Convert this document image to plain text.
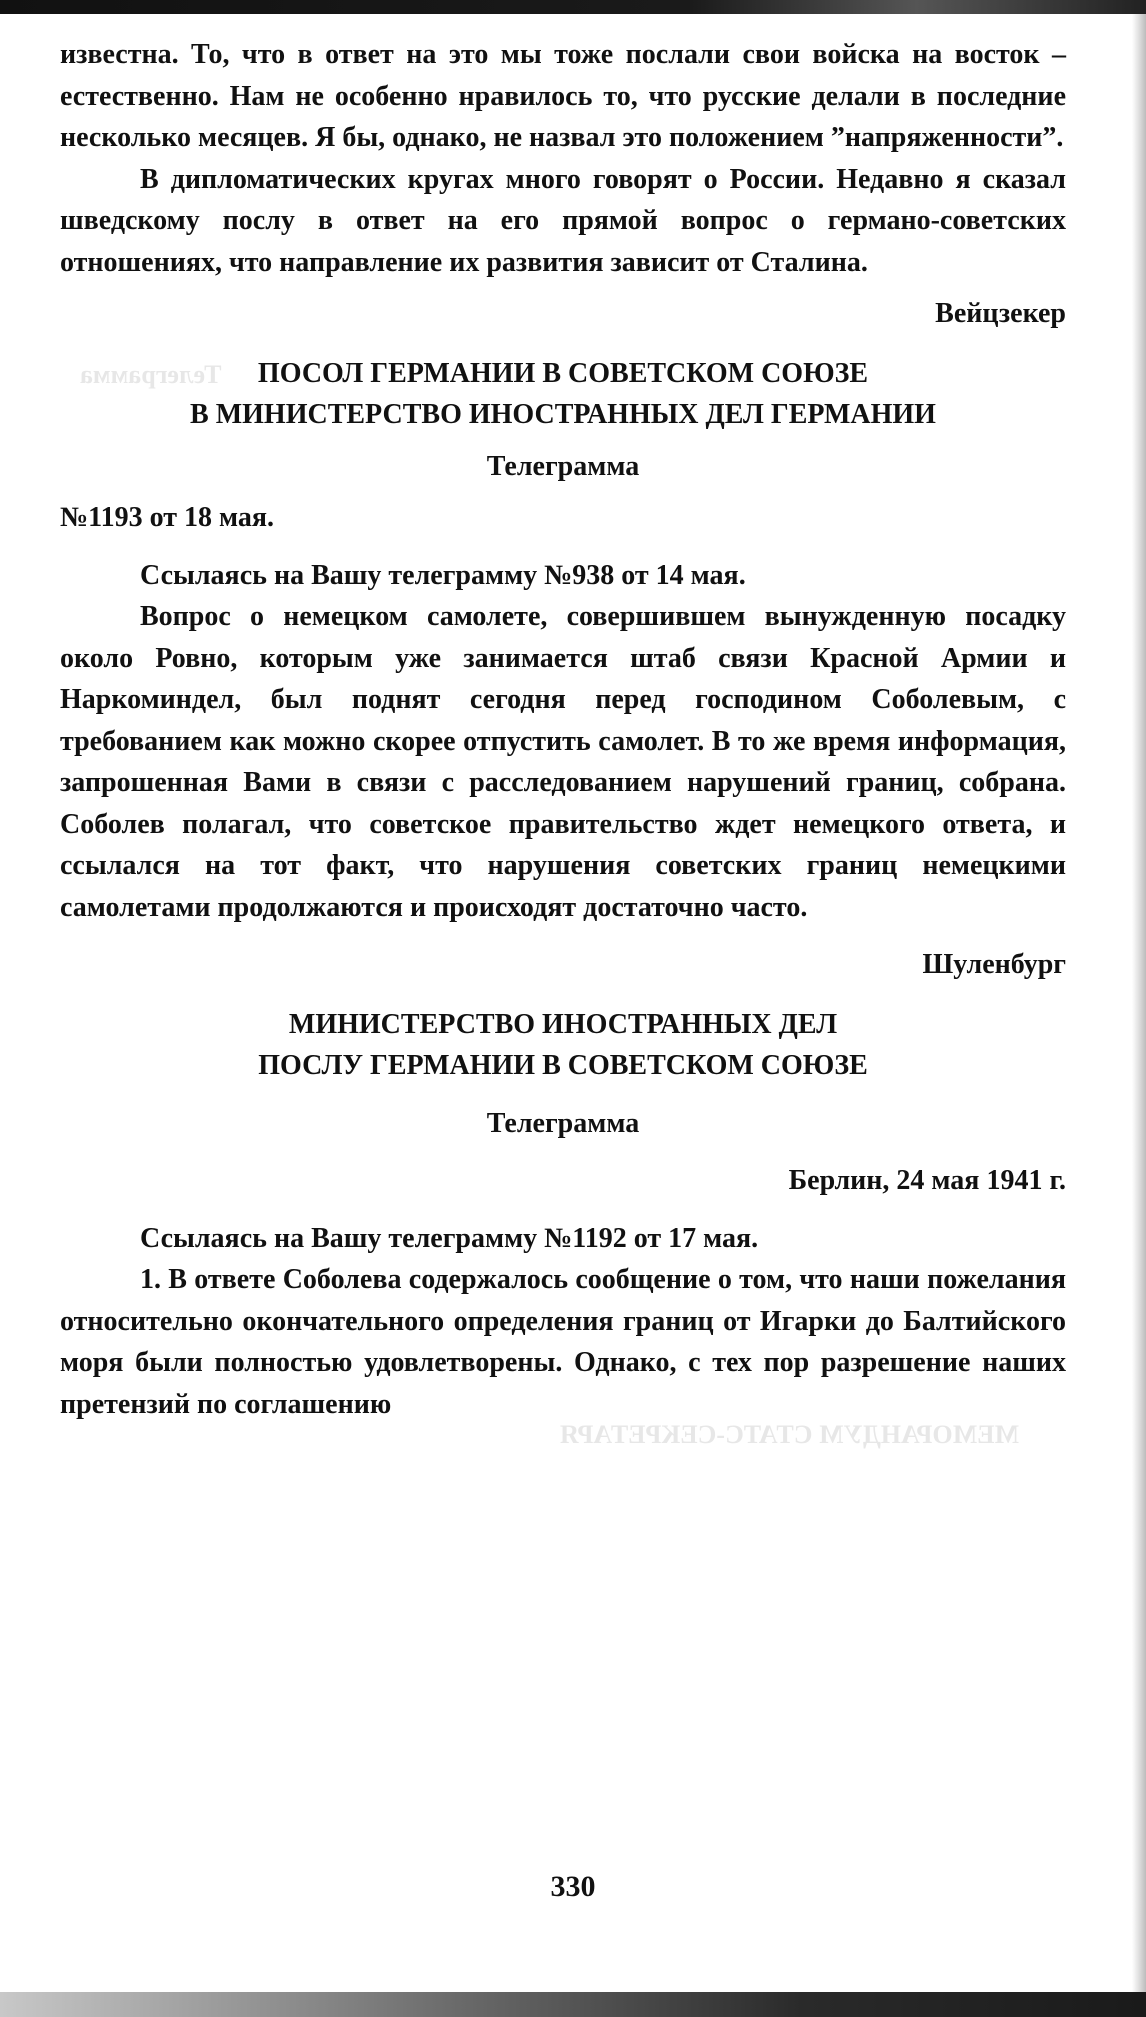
Телеграмма
МЕМОРАНДУМ СТАТС-СЕКРЕТАРЯ

известна. То, что в ответ на это мы тоже послали свои войска на восток – естественно. Нам не особенно нравилось то, что русские делали в последние несколько месяцев. Я бы, однако, не назвал это положением ”напряженности”.

В дипломатических кругах много говорят о России. Недавно я сказал шведскому послу в ответ на его прямой вопрос о германо-советских отношениях, что направление их развития зависит от Сталина.

Вейцзекер

ПОСОЛ ГЕРМАНИИ В СОВЕТСКОМ СОЮЗЕ

В МИНИСТЕРСТВО ИНОСТРАННЫХ ДЕЛ ГЕРМАНИИ

Телеграмма

№1193 от 18 мая.

Ссылаясь на Вашу телеграмму №938 от 14 мая.

Вопрос о немецком самолете, совершившем вынужденную посадку около Ровно, которым уже занимается штаб связи Красной Армии и Наркоминдел, был поднят сегодня перед господином Соболевым, с требованием как можно скорее отпустить самолет. В то же время информация, запрошенная Вами в связи с расследованием нарушений границ, собрана. Соболев полагал, что советское правительство ждет немецкого ответа, и ссылался на тот факт, что нарушения советских границ немецкими самолетами продолжаются и происходят достаточно часто.

Шуленбург

МИНИСТЕРСТВО ИНОСТРАННЫХ ДЕЛ

ПОСЛУ ГЕРМАНИИ В СОВЕТСКОМ СОЮЗЕ

Телеграмма

Берлин, 24 мая 1941 г.

Ссылаясь на Вашу телеграмму №1192 от 17 мая.

1. В ответе Соболева содержалось сообщение о том, что наши пожелания относительно окончательного определения границ от Игарки до Балтийского моря были полностью удовлетворены. Однако, с тех пор разрешение наших претензий по соглашению

330
